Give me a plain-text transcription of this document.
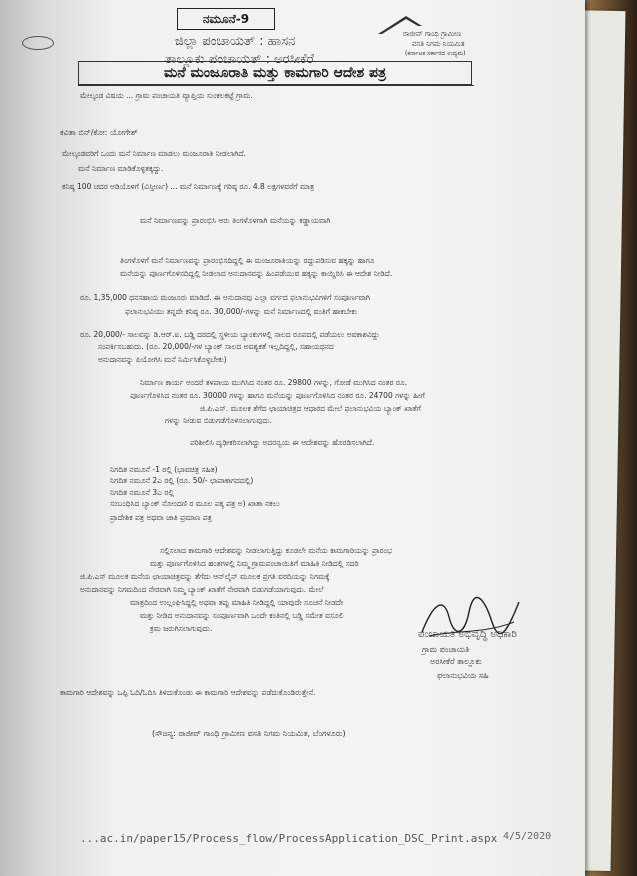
ನಮೂನೆ-9
ಜಿಲ್ಲಾ ಪಂಚಾಯತ್ : ಹಾಸನ
ತಾಲ್ಲೂಕು ಪಂಚಾಯತ್ : ಅರಸೀಕೆರೆ
ರಾಜೀವ್ ಗಾಂಧಿ ಗ್ರಾಮೀಣ
ವಸತಿ ನಿಗಮ ನಿಯಮಿತ
(ಕರ್ನಾಟಕ ಸರ್ಕಾರದ ಉದ್ಯಮ)
ಮನೆ ಮಂಜೂರಾತಿ ಮತ್ತು ಕಾಮಗಾರಿ ಆದೇಶ ಪತ್ರ
ಮೇಲ್ಕಂಡ ವಿಷಯ ... ಗ್ರಾಮ ಪಂಚಾಯತಿ ವ್ಯಾಪ್ತಿಯ ಸುಂಕಲಕಟ್ಟೆ ಗ್ರಾಮ.
ಕವಿತಾ ಬಿನ್/ಕೋ: ಯೋಗೇಶ್
ಮೇಲ್ಕಂಡವರಿಗೆ ಒಂದು ಮನೆ ನಿರ್ಮಾಣ ಮಾಡಲು ಮಂಜೂರಾತಿ ನೀಡಲಾಗಿದೆ.
ಮನೆ ನಿರ್ಮಾಣ ಮಾಡಿಕೊಳ್ಳತಕ್ಕದ್ದು.
ಕನಿಷ್ಠ 100 ಚದರ ಅಡಿಯೊಳಗೆ (ವಿಸ್ತೀರ್ಣ) ... ಮನೆ ನಿರ್ಮಾಣಕ್ಕೆ ಗರಿಷ್ಠ ರೂ. 4.8 ಲಕ್ಷಗಳವರೆಗೆ ಮಾತ್ರ
ಮನೆ ನಿರ್ಮಾಣವನ್ನು ಪ್ರಾರಂಭಿಸಿ ಆರು ತಿಂಗಳೊಳಗಾಗಿ ಮನೆಯನ್ನು ಕಡ್ಡಾಯವಾಗಿ
ತಿಂಗಳೊಳಗೆ ಮನೆ ನಿರ್ಮಾಣವನ್ನು ಪ್ರಾರಂಭಿಸದಿದ್ದಲ್ಲಿ ಈ ಮಂಜೂರಾತಿಯನ್ನು ರದ್ದುಪಡಿಸುವ ಹಕ್ಕನ್ನು ಹಾಗೂ
ಮನೆಯನ್ನು ಪೂರ್ಣಗೊಳಿಸದಿದ್ದಲ್ಲಿ ನೀಡಲಾದ ಅನುದಾನವನ್ನು ಹಿಂಪಡೆಯುವ ಹಕ್ಕನ್ನು ಕಾಯ್ದಿರಿಸಿ ಈ ಆದೇಶ ನೀಡಿದೆ.
ರೂ. 1,35,000 ಧನಸಹಾಯ ಮಂಜೂರು ಮಾಡಿದೆ. ಈ ಅನುದಾನವು ಎಲ್ಲಾ ವರ್ಗದ ಫಲಾನುಭವಿಗಳಿಗೆ ಸಂಪೂರ್ಣವಾಗಿ
ಫಲಾನುಭವಿಯು ತನ್ನದೇ ಕನಿಷ್ಠ ರೂ. 30,000/-ಗಳನ್ನು ಮನೆ ನಿರ್ಮಾಣದಲ್ಲಿ ವಂತಿಗೆ ಹಾಕಬೇಕು
ರೂ. 20,000/- ಸಾಲವನ್ನು ಡಿ.ಆರ್.ಐ. ಬಡ್ಡಿ ದರದಲ್ಲಿ ಸ್ಥಳೀಯ ಬ್ಯಾಂಕುಗಳಲ್ಲಿ ಸಾಲದ ರೂಪದಲ್ಲಿ ಪಡೆಯಲು ಅವಕಾಶವಿದ್ದು
ಸಂಪರ್ಕಿಸಬಹುದು. (ರೂ. 20,000/-ಗಳ ಬ್ಯಾಂಕ್ ಸಾಲದ ಅವಶ್ಯಕತೆ ಇಲ್ಲದಿದ್ದಲ್ಲಿ, ಸಹಾಯಧನದ
ಅನುದಾನವನ್ನು ಪಿಯೋಗಿಸಿ ಮನೆ ನಿರ್ಮಿಸಿಕೊಳ್ಳಬೇಕು)
ನಿರ್ಮಾಣ ಕಾರ್ಯ ಅಂದರೆ ತಳಪಾಯ ಮುಗಿಸಿದ ನಂತರ ರೂ. 29800 ಗಳನ್ನು, ಗೋಡೆ ಮುಗಿಸಿದ ನಂತರ ರೂ.
ಪೂರ್ಣಗೊಳಿಸಿದ ನಂತರ ರೂ. 30000 ಗಳನ್ನು ಹಾಗೂ ಮನೆಯನ್ನು ಪೂರ್ಣಗೊಳಿಸಿದ ನಂತರ ರೂ. 24700 ಗಳನ್ನು ಹೀಗೆ
ಜಿ.ಪಿ.ಎಸ್. ಮೂಲಕ ತೆಗೆದ ಛಾಯಾಚಿತ್ರದ ಆಧಾರದ ಮೇಲೆ ಫಲಾನುಭವಿಯ ಬ್ಯಾಂಕ್ ಖಾತೆಗೆ
ಗಳನ್ನು ನೀಡುವ ಬಿಡುಗಡೆಗೊಳಿಸಲಾಗುವುದು.
ಪರಿಶೀಲಿಸಿ ದೃಢೀಕರಿಸಲಾಗಿದ್ದು ಅದರನ್ವಯ ಈ ಆದೇಶವನ್ನು ಹೊರಡಿಸಲಾಗಿದೆ.
ನಿಗದಿತ ನಮೂನೆ -1 ರಲ್ಲಿ (ಭಾವಚಿತ್ರ ಸಹಿತ)
ನಿಗದಿತ ನಮೂನೆ 2ಎ ರಲ್ಲಿ (ರೂ. 50/- ಛಾಪಾಕಾಗದದಲ್ಲಿ)
ನಿಗದಿತ ನಮೂನೆ 3ಎ ರಲ್ಲಿ
ಸಂಬಂಧಿಸಿದ ಬ್ಯಾಂಕ್ ನೋಂದಣಿ ರ ಮೂಲ ಪಕ್ಕ ಪತ್ರ ಅ) ಖಾತಾ ನಕಲು
ಪ್ರಾದೇಶಿಕ ಪತ್ರ ಅಥವಾ ಜಾತಿ ಪ್ರಮಾಣ ಪತ್ರ
ಸಲ್ಲಿಸಲಾದ ಕಾಮಗಾರಿ ಆದೇಶವನ್ನು ನೀಡಲಾಗುತ್ತಿದ್ದು ಕೂಡಲೇ ಮನೆಯ ಕಾಮಗಾರಿಯನ್ನು ಪ್ರಾರಂಭ
ಮತ್ತು ಪೂರ್ಣಗೊಳಿಸಿದ ಹಂತಗಳಲ್ಲಿ ನಿಮ್ಮ ಗ್ರಾಮಪಂಚಾಯಿತಿಗೆ ಮಾಹಿತಿ ನೀಡಿದಲ್ಲಿ ಸದರಿ
ಜಿ.ಪಿ.ಎಸ್ ಮೂಲಕ ಮನೆಯ ಛಾಯಾಚಿತ್ರವನ್ನು ತೆಗೆದು ಆನ್‌ಲೈನ್ ಮೂಲಕ ಪ್ರಗತಿ ವರದಿಯನ್ನು ನಿಗಮಕ್ಕೆ
ಅನುದಾನವನ್ನು ನಿಗಮದಿಂದ ನೇರವಾಗಿ ನಿಮ್ಮ ಬ್ಯಾಂಕ್ ಖಾತೆಗೆ ನೇರವಾಗಿ ಬಿಡುಗಡೆಯಾಗುವುದು. ಮೇಲೆ
ಮಾತ್ರದಿಂದ ಉಲ್ಲಂಘಿಸಿದ್ದಲ್ಲಿ ಅಥವಾ ತಪ್ಪು ಮಾಹಿತಿ ನೀಡಿದ್ದಲ್ಲಿ ಯಾವುದೇ ಸೂಚನೆ ನೀಡದೇ
ಮತ್ತು ನೀಡಿದ ಅನುದಾನವನ್ನು ಸಂಪೂರ್ಣವಾಗಿ ಒಂದೇ ಕಂತಿನಲ್ಲಿ ಬಡ್ಡಿ ಸಮೇತ ವಸೂಲಿ
ಕ್ರಮ ಜರುಗಿಸಲಾಗುವುದು.
ಪಂಚಾಯತಿ ಅಭಿವೃದ್ಧಿ ಅಧಿಕಾರಿ
ಗ್ರಾಮ ಪಂಚಾಯತಿ
ಅರಸೀಕೆರೆ ತಾಲ್ಲೂಕು
ಫಲಾನುಭವಿಯ ಸಹಿ
ಕಾಮಗಾರಿ ಆದೇಶವನ್ನು ಒಪ್ಪಿ ಓದಿ/ಓದಿಸಿ ತಿಳಿದುಕೊಂಡು ಈ ಕಾಮಗಾರಿ ಆದೇಶವನ್ನು ಪಡೆದುಕೊಂಡಿರುತ್ತೇನೆ.
(ಸೌಜನ್ಯ: ರಾಜೀವ್ ಗಾಂಧಿ ಗ್ರಾಮೀಣ ವಸತಿ ನಿಗಮ ನಿಯಮಿತ, ಬೆಂಗಳೂರು)
...ac.in/paper15/Process_flow/ProcessApplication_DSC_Print.aspx 4/5/2020
